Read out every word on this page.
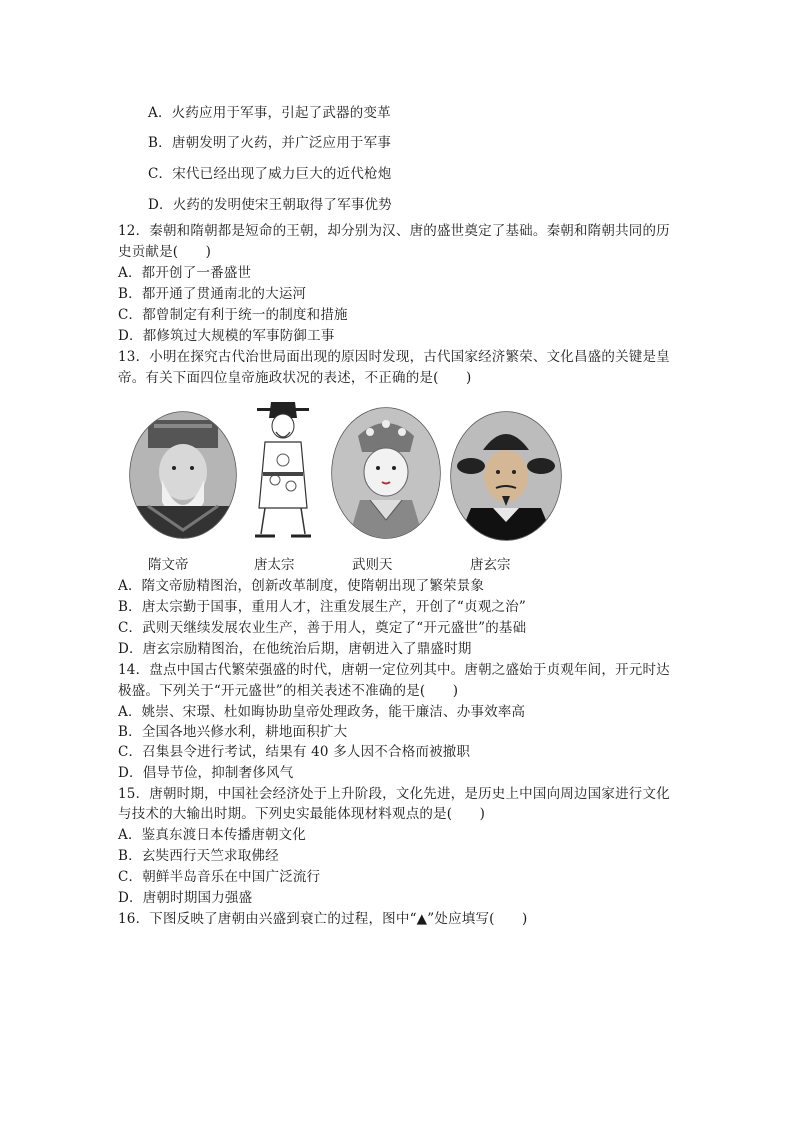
A．火药应用于军事，引起了武器的变革
B．唐朝发明了火药，并广泛应用于军事
C．宋代已经出现了威力巨大的近代枪炮
D．火药的发明使宋王朝取得了军事优势
12．秦朝和隋朝都是短命的王朝，却分别为汉、唐的盛世奠定了基础。秦朝和隋朝共同的历
史贡献是(　　)
A．都开创了一番盛世
B．都开通了贯通南北的大运河
C．都曾制定有利于统一的制度和措施
D．都修筑过大规模的军事防御工事
13．小明在探究古代治世局面出现的原因时发现，古代国家经济繁荣、文化昌盛的关键是皇
帝。有关下面四位皇帝施政状况的表述，不正确的是(　　)
隋文帝	唐太宗	武则天	唐玄宗
A．隋文帝励精图治，创新改革制度，使隋朝出现了繁荣景象
B．唐太宗勤于国事，重用人才，注重发展生产，开创了“贞观之治”
C．武则天继续发展农业生产，善于用人，奠定了“开元盛世”的基础
D．唐玄宗励精图治，在他统治后期，唐朝进入了鼎盛时期
14．盘点中国古代繁荣强盛的时代，唐朝一定位列其中。唐朝之盛始于贞观年间，开元时达
极盛。下列关于“开元盛世”的相关表述不准确的是(　　)
A．姚崇、宋璟、杜如晦协助皇帝处理政务，能干廉洁、办事效率高
B．全国各地兴修水利，耕地面积扩大
C．召集县令进行考试，结果有 40 多人因不合格而被撤职
D．倡导节俭，抑制奢侈风气
15．唐朝时期，中国社会经济处于上升阶段，文化先进，是历史上中国向周边国家进行文化
与技术的大输出时期。下列史实最能体现材料观点的是(　　)
A．鉴真东渡日本传播唐朝文化
B．玄奘西行天竺求取佛经
C．朝鲜半岛音乐在中国广泛流行
D．唐朝时期国力强盛
16．下图反映了唐朝由兴盛到衰亡的过程，图中“▲”处应填写(　　)
